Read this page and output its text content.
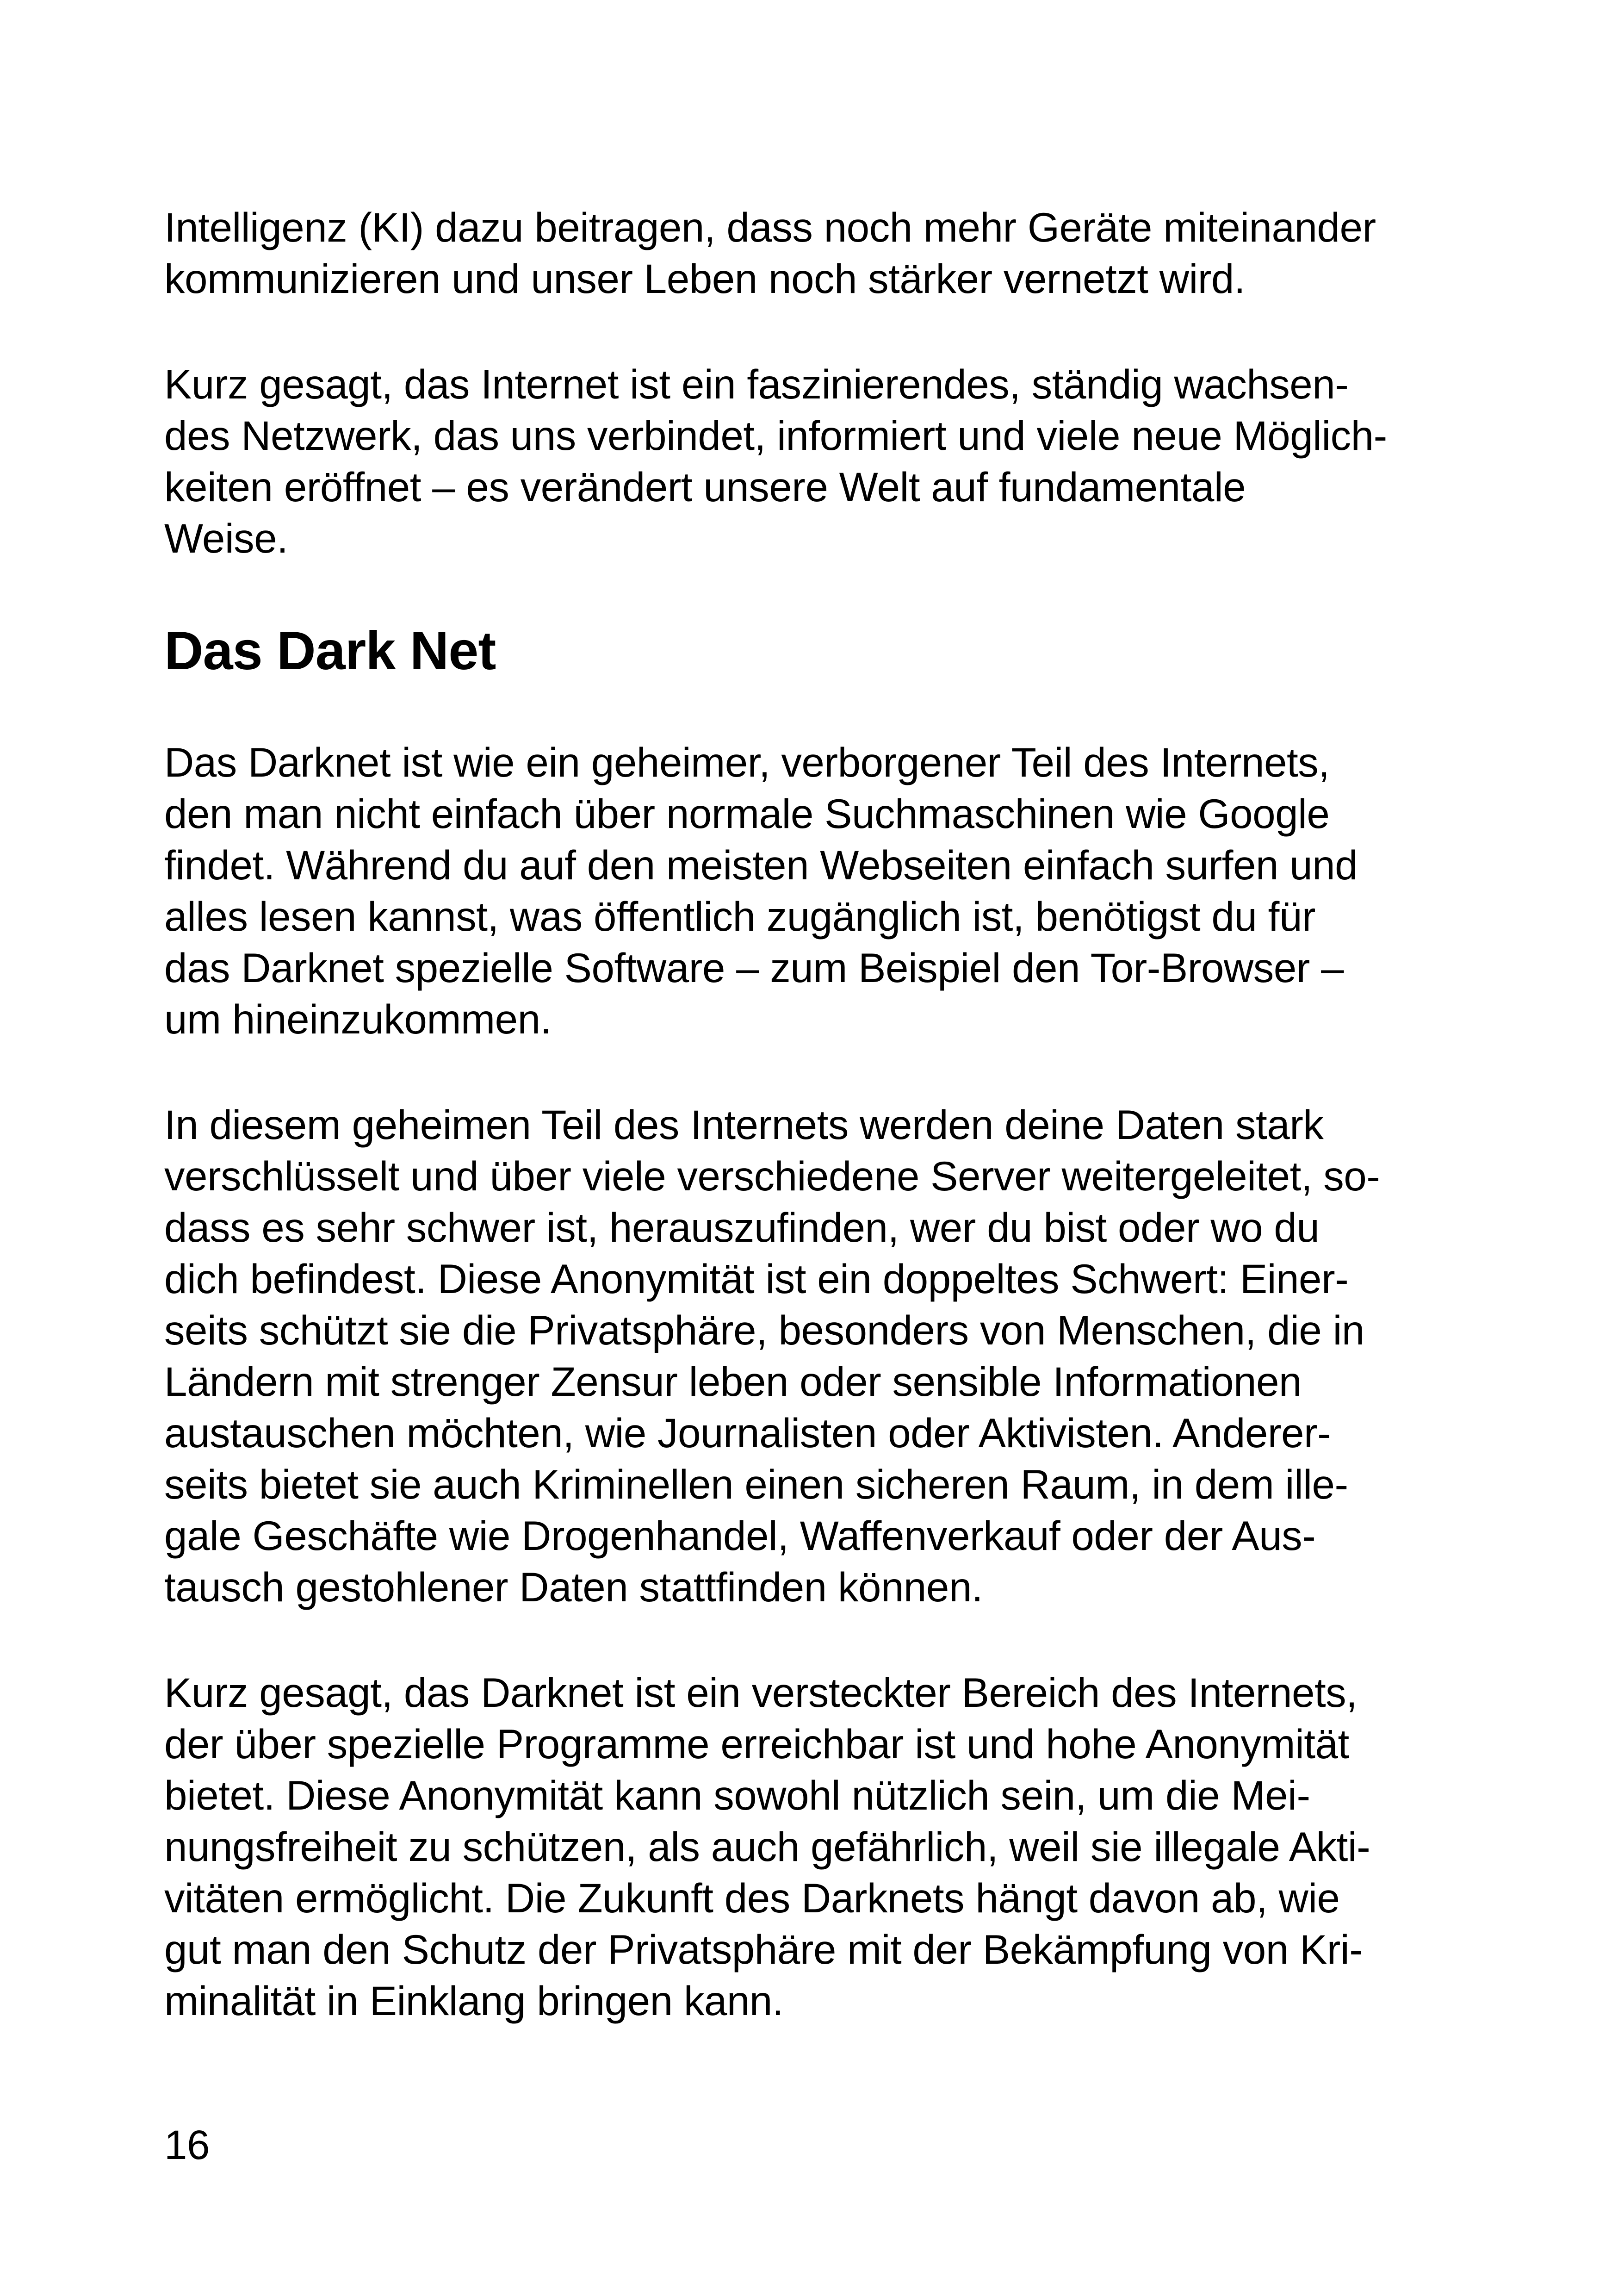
Intelligenz (KI) dazu beitragen, dass noch mehr Geräte miteinander
kommunizieren und unser Leben noch stärker vernetzt wird.
Kurz gesagt, das Internet ist ein faszinierendes, ständig wachsen-
des Netzwerk, das uns verbindet, informiert und viele neue Möglich-
keiten eröffnet – es verändert unsere Welt auf fundamentale
Weise.
Das Dark Net
Das Darknet ist wie ein geheimer, verborgener Teil des Internets,
den man nicht einfach über normale Suchmaschinen wie Google
findet. Während du auf den meisten Webseiten einfach surfen und
alles lesen kannst, was öffentlich zugänglich ist, benötigst du für
das Darknet spezielle Software – zum Beispiel den Tor-Browser –
um hineinzukommen.
In diesem geheimen Teil des Internets werden deine Daten stark
verschlüsselt und über viele verschiedene Server weitergeleitet, so-
dass es sehr schwer ist, herauszufinden, wer du bist oder wo du
dich befindest. Diese Anonymität ist ein doppeltes Schwert: Einer-
seits schützt sie die Privatsphäre, besonders von Menschen, die in
Ländern mit strenger Zensur leben oder sensible Informationen
austauschen möchten, wie Journalisten oder Aktivisten. Anderer-
seits bietet sie auch Kriminellen einen sicheren Raum, in dem ille-
gale Geschäfte wie Drogenhandel, Waffenverkauf oder der Aus-
tausch gestohlener Daten stattfinden können.
Kurz gesagt, das Darknet ist ein versteckter Bereich des Internets,
der über spezielle Programme erreichbar ist und hohe Anonymität
bietet. Diese Anonymität kann sowohl nützlich sein, um die Mei-
nungsfreiheit zu schützen, als auch gefährlich, weil sie illegale Akti-
vitäten ermöglicht. Die Zukunft des Darknets hängt davon ab, wie
gut man den Schutz der Privatsphäre mit der Bekämpfung von Kri-
minalität in Einklang bringen kann.
16
